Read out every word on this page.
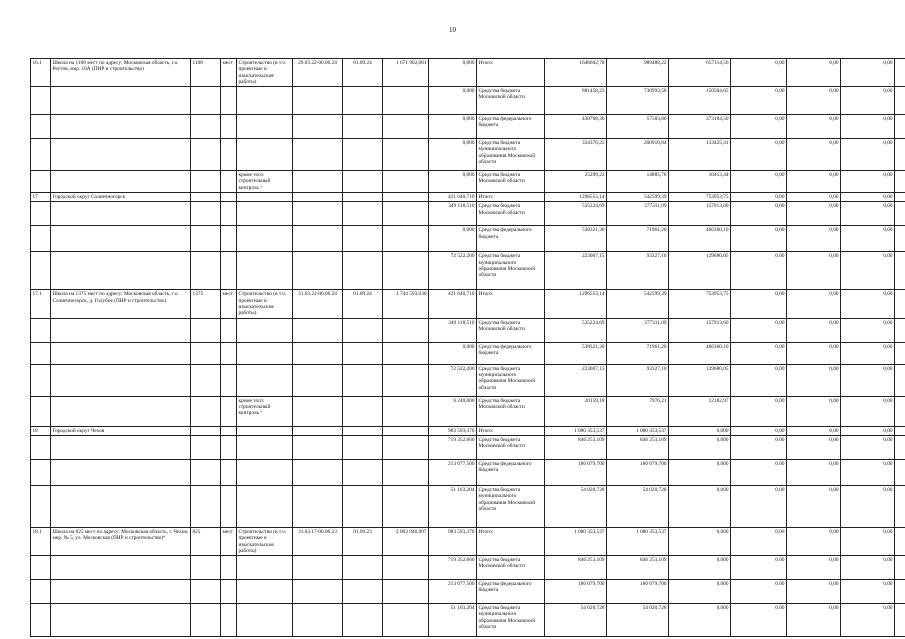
10
16.1	Школа на 1100 мест по адресу: Московская область, г.о. Реутов, мкр. 10А (ПИР и строительство)	1100	мест	Строительство (в т.ч. проектные и изыскательские работы)	29.03.22-06.06.24	01.09.24	1 671 902,001	0,000	Итого:	1646602,78	989488,22	657114,56	0,00	0,00	0,00	
								0,000	Средства бюджета Московской области	881458,23	730993,58	150504,65	0,00	0,00	0,00	
								0,000	Средства федерального бюджета	430768,30	57583,80	373184,50	0,00	0,00	0,00	
								0,000	Средства бюджета муниципального образования Московской области	334376,25	200910,84	133425,41	0,00	0,00	0,00	
				кроме того: строительный контроль ³				0,000	Средства бюджета Московской области	25299,22	14885,78	10413,44	0,00	0,00	0,00	
17	Городской округ Солнечногорск							421 640,710	Итого:	1296553,14	542599,39	753953,75	0,00	0,00	0,00	
								349 118,510	Средства бюджета Московской области	535224,69	377311,09	157913,60	0,00	0,00	0,00	
								0,000	Средства федерального бюджета	538321,30	71961,20	466360,10	0,00	0,00	0,00	
								72 522,200	Средства бюджета муниципального образования Московской области	223007,15	93327,10	129680,05	0,00	0,00	0,00	
17.1	Школа на 1375 мест по адресу: Московская область, г.о. Солнечногорск, д. Голубое (ПИР и строительство)	1375	мест	Строительство (в т.ч. проектные и изыскательские работы)	31.03.22-06.06.24	01.09.24	1 744 593,030	421 640,710	Итого:	1296553,14	542599,39	753953,75	0,00	0,00	0,00	
								349 118,510	Средства бюджета Московской области	535224,69	377311,09	157913,60	0,00	0,00	0,00	
								0,000	Средства федерального бюджета	538321,30	71961,20	466360,10	0,00	0,00	0,00	
								72 522,200	Средства бюджета муниципального образования Московской области	223007,15	93327,10	129680,05	0,00	0,00	0,00	
				кроме того: строительный контроль ³				6 240,000	Средства бюджета Московской области	20159,18	7976,21	12182,97	0,00	0,00	0,00	
18	Городской округ Чехов							983 593,370	Итого:	1 080 353,537	1 080 353,537	0,000	0,00	0,00	0,00	
								719 352,666	Средства бюджета Московской области	846 253,109	846 253,109	0,000	0,00	0,00	0,00	
								213 077,500	Средства федерального бюджета	180 079,700	180 079,700	0,000	0,00	0,00	0,00	
								51 163,204	Средства бюджета муниципального образования Московской области	54 020,728	54 020,728	0,000	0,00	0,00	0,00	
18.1	Школа на 825 мест по адресу: Московская область, г. Чехов, мкр. № 5, ул. Московская (ПИР и строительство)⁴	825	мест	Строительство (в т.ч. проектные и изыскательские работы)	31.03.17-06.06.23	01.09.23	2 063 946,907	983 593,370	Итого:	1 080 353,537	1 080 353,537	0,000	0,00	0,00	0,00	
								719 352,666	Средства бюджета Московской области	846 253,109	846 253,109	0,000	0,00	0,00	0,00	
								213 077,500	Средства федерального бюджета	180 079,700	180 079,700	0,000	0,00	0,00	0,00	
								51 163,204	Средства бюджета муниципального образования Московской области	54 020,728	54 020,728	0,000	0,00	0,00	0,00	
